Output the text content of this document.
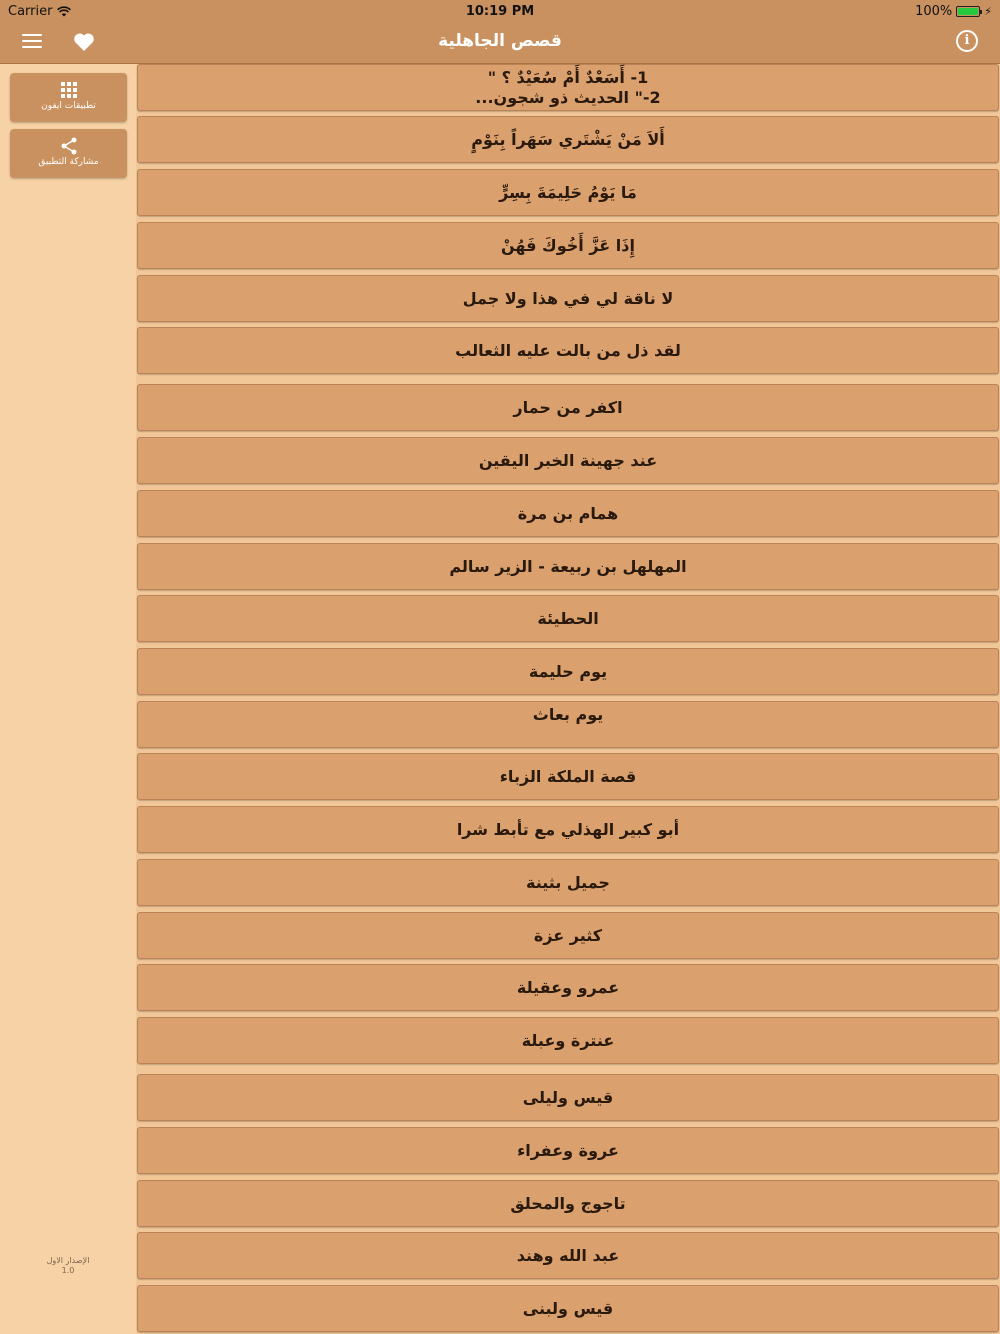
Carrier	10:19 PM	100%	⚡
قصص الجاهلية	i
تطبيقات ايفون
مشاركة التطبيق
الإصدار الاول
1.0
1- أَسَعْدٌ أَمْ سُعَيْدٌ ؟ "
2-" الحديث ذو شجون...
أَلاَ مَنْ يَشْتَري سَهَراً بِنَوْمٍ
مَا يَوْمُ حَلِيمَةَ بِسِرٍّ
إِذَا عَزَّ أَخُوكَ فَهُنْ
لا ناقة لي في هذا ولا جمل
لقد ذل من بالت عليه الثعالب
اكفر من حمار
عند جهينة الخبر اليقين
همام بن مرة
المهلهل بن ربيعة - الزير سالم
الحطيئة
يوم حليمة
يوم بعاث
قصة الملكة الزباء
أبو كبير الهذلي مع تأبط شرا
جميل بثينة
كثير عزة
عمرو وعقيلة
عنترة وعبلة
قيس وليلى
عروة وعفراء
تاجوج والمحلق
عبد الله وهند
قيس ولبنى
